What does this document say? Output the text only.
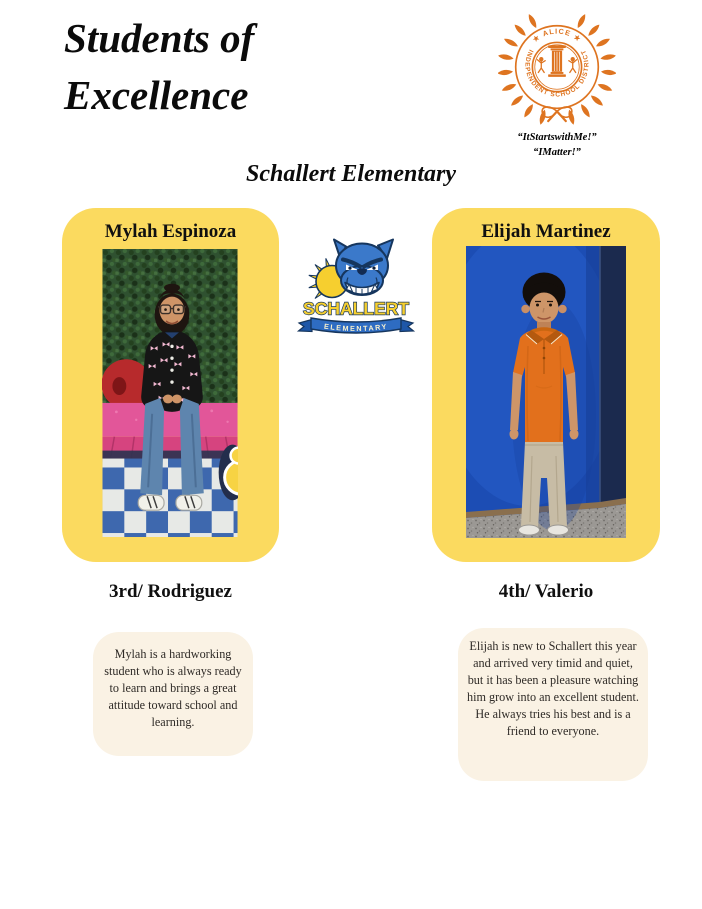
Students of
Excellence
★ ALICE ★
INDEPENDENT SCHOOL DISTRICT
“ItStartswithMe!”
“IMatter!”
Schallert Elementary
Mylah Espinoza
SCHALLERT
ELEMENTARY
Elijah Martinez
3rd/ Rodriguez	4th/ Valerio
Mylah is a hardworking student who is always ready to learn and brings a great attitude toward school and learning.
Elijah is new to Schallert this year and arrived very timid and quiet, but it has been a pleasure watching him grow into an excellent student. He always tries his best and is a friend to everyone.
